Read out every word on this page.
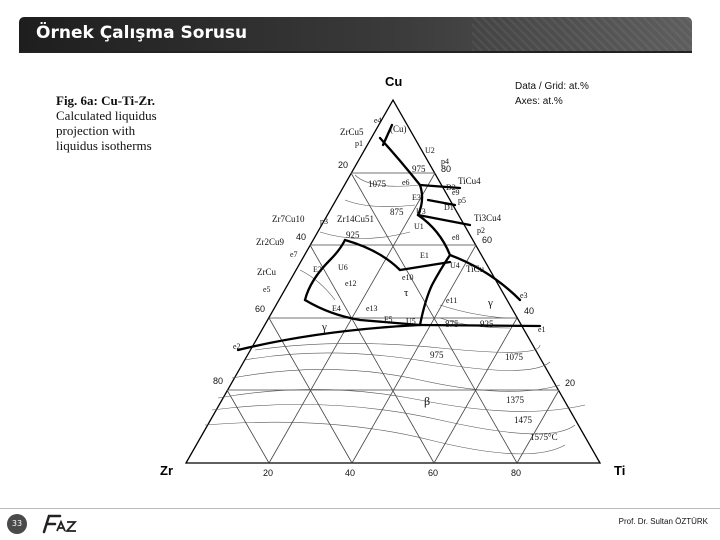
Örnek Çalışma Sorusu
Fig. 6a: Cu-Ti-Zr.
Calculated liquidus
projection with
liquidus isotherms
Data / Grid: at.%
Axes: at.%
Cu
Zr	Ti
20	40	60	80
20
40
60
80	20
40
60
80
875 925
975	1075
1375
1475
1575°C
975
925
1075
875
(Cu)
ZrCu5
Zr7Cu10	Zr14Cu51
Zr2Cu9
ZrCu
TiCu4
Ti3Cu4
TiCu
τ
γ
γ
β
e4
p1
U2
p4
e6
E3
D2
D1
p5
U3
e9
U1
e8
p2
p3
E1
U4
e7
E2 U6
e10
e12
e11
e5
E4	e13
e3
F5 U5
e1
e2
33	Prof. Dr. Sultan ÖZTÜRK
